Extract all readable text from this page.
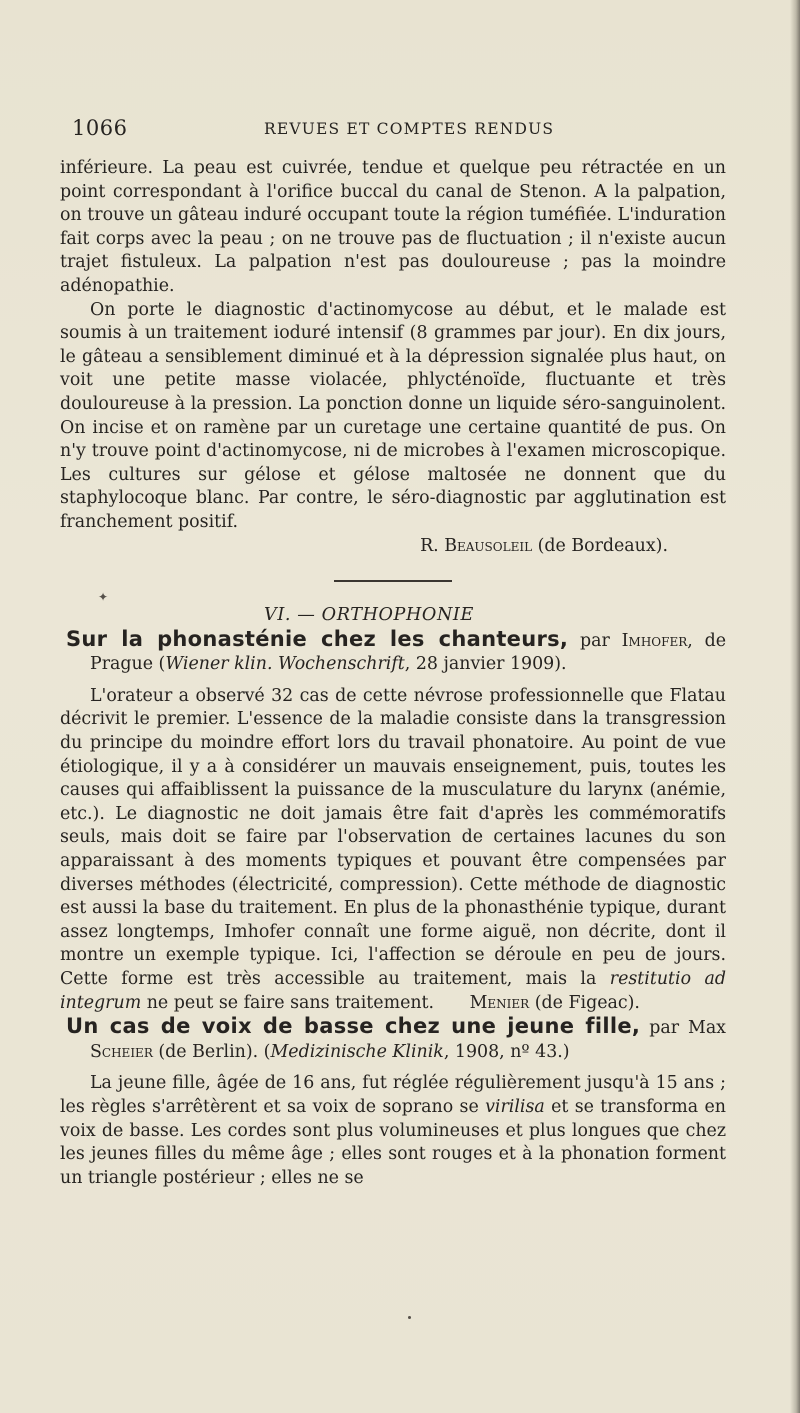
1066	REVUES ET COMPTES RENDUS
✦

inférieure. La peau est cuivrée, tendue et quelque peu rétractée en un point correspondant à l'orifice buccal du canal de Stenon. A la palpation, on trouve un gâteau induré occupant toute la région tuméfiée. L'induration fait corps avec la peau ; on ne trouve pas de fluctuation ; il n'existe aucun trajet fistuleux. La palpation n'est pas douloureuse ; pas la moindre adénopathie.

On porte le diagnostic d'actinomycose au début, et le malade est soumis à un traitement ioduré intensif (8 grammes par jour). En dix jours, le gâteau a sensiblement diminué et à la dépression signalée plus haut, on voit une petite masse violacée, phlycténoïde, fluctuante et très douloureuse à la pression. La ponction donne un liquide séro-sanguinolent. On incise et on ramène par un curetage une certaine quantité de pus. On n'y trouve point d'actinomycose, ni de microbes à l'examen microscopique. Les cultures sur gélose et gélose maltosée ne donnent que du staphylocoque blanc. Par contre, le séro-diagnostic par agglutination est franchement positif.

R. Beausoleil (de Bordeaux).

VI. — ORTHOPHONIE

Sur la phonasténie chez les chanteurs, par Imhofer, de Prague (Wiener klin. Wochenschrift, 28 janvier 1909).

L'orateur a observé 32 cas de cette névrose professionnelle que Flatau décrivit le premier. L'essence de la maladie consiste dans la transgression du principe du moindre effort lors du travail phonatoire. Au point de vue étiologique, il y a à considérer un mauvais enseignement, puis, toutes les causes qui affaiblissent la puissance de la musculature du larynx (anémie, etc.). Le diagnostic ne doit jamais être fait d'après les commémoratifs seuls, mais doit se faire par l'observation de certaines lacunes du son apparaissant à des moments typiques et pouvant être compensées par diverses méthodes (électricité, compression). Cette méthode de diagnostic est aussi la base du traitement. En plus de la phonasthénie typique, durant assez longtemps, Imhofer connaît une forme aiguë, non décrite, dont il montre un exemple typique. Ici, l'affection se déroule en peu de jours. Cette forme est très accessible au traitement, mais la restitutio ad integrum ne peut se faire sans traitement. Menier (de Figeac).

Un cas de voix de basse chez une jeune fille, par Max Scheier (de Berlin). (Medizinische Klinik, 1908, nº 43.)

La jeune fille, âgée de 16 ans, fut réglée régulièrement jusqu'à 15 ans ; les règles s'arrêtèrent et sa voix de soprano se virilisa et se transforma en voix de basse. Les cordes sont plus volumineuses et plus longues que chez les jeunes filles du même âge ; elles sont rouges et à la phonation forment un triangle postérieur ; elles ne se
